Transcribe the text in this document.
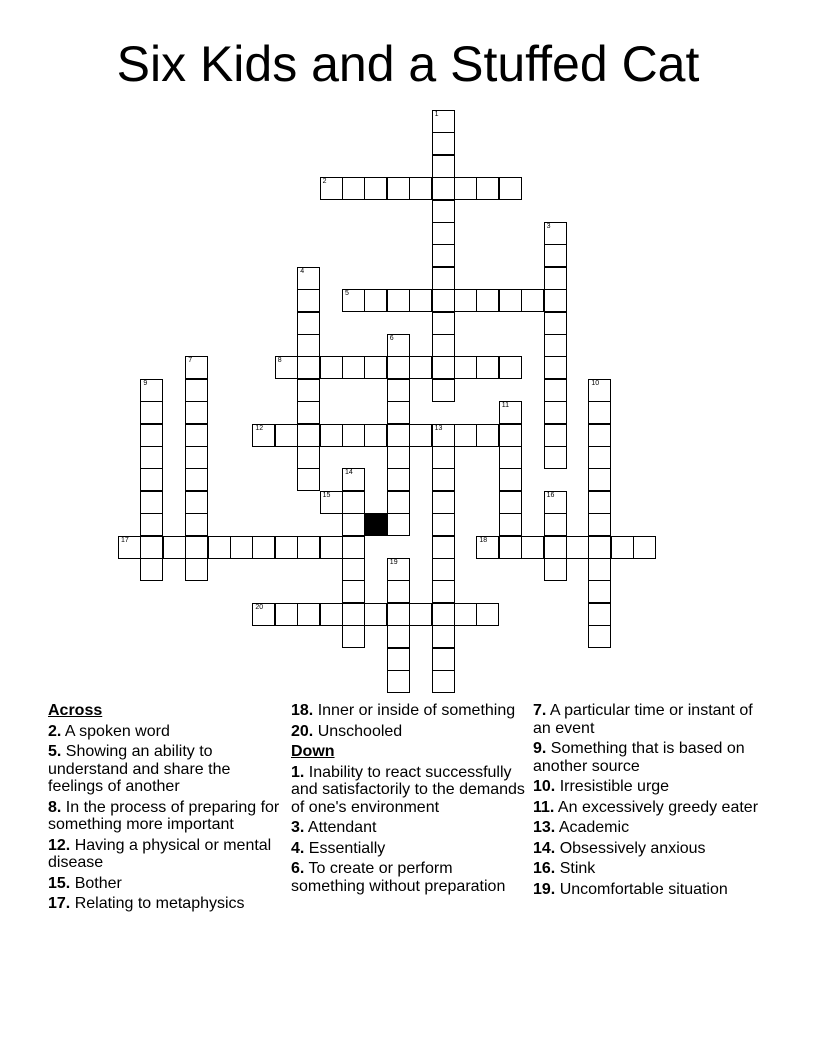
Six Kids and a Stuffed Cat
1
2
3
4
5
6
7	8
9	10
11
12	13
14
15	16
17	18
19
20
Across
2. A spoken word
5. Showing an ability to understand and share the feelings of another
8. In the process of preparing for something more important
12. Having a physical or mental disease
15. Bother
17. Relating to metaphysics
18. Inner or inside of something
20. Unschooled
Down
1. Inability to react successfully and satisfactorily to the demands of one's environment
3. Attendant
4. Essentially
6. To create or perform something without preparation
7. A particular time or instant of an event
9. Something that is based on another source
10. Irresistible urge
11. An excessively greedy eater
13. Academic
14. Obsessively anxious
16. Stink
19. Uncomfortable situation
